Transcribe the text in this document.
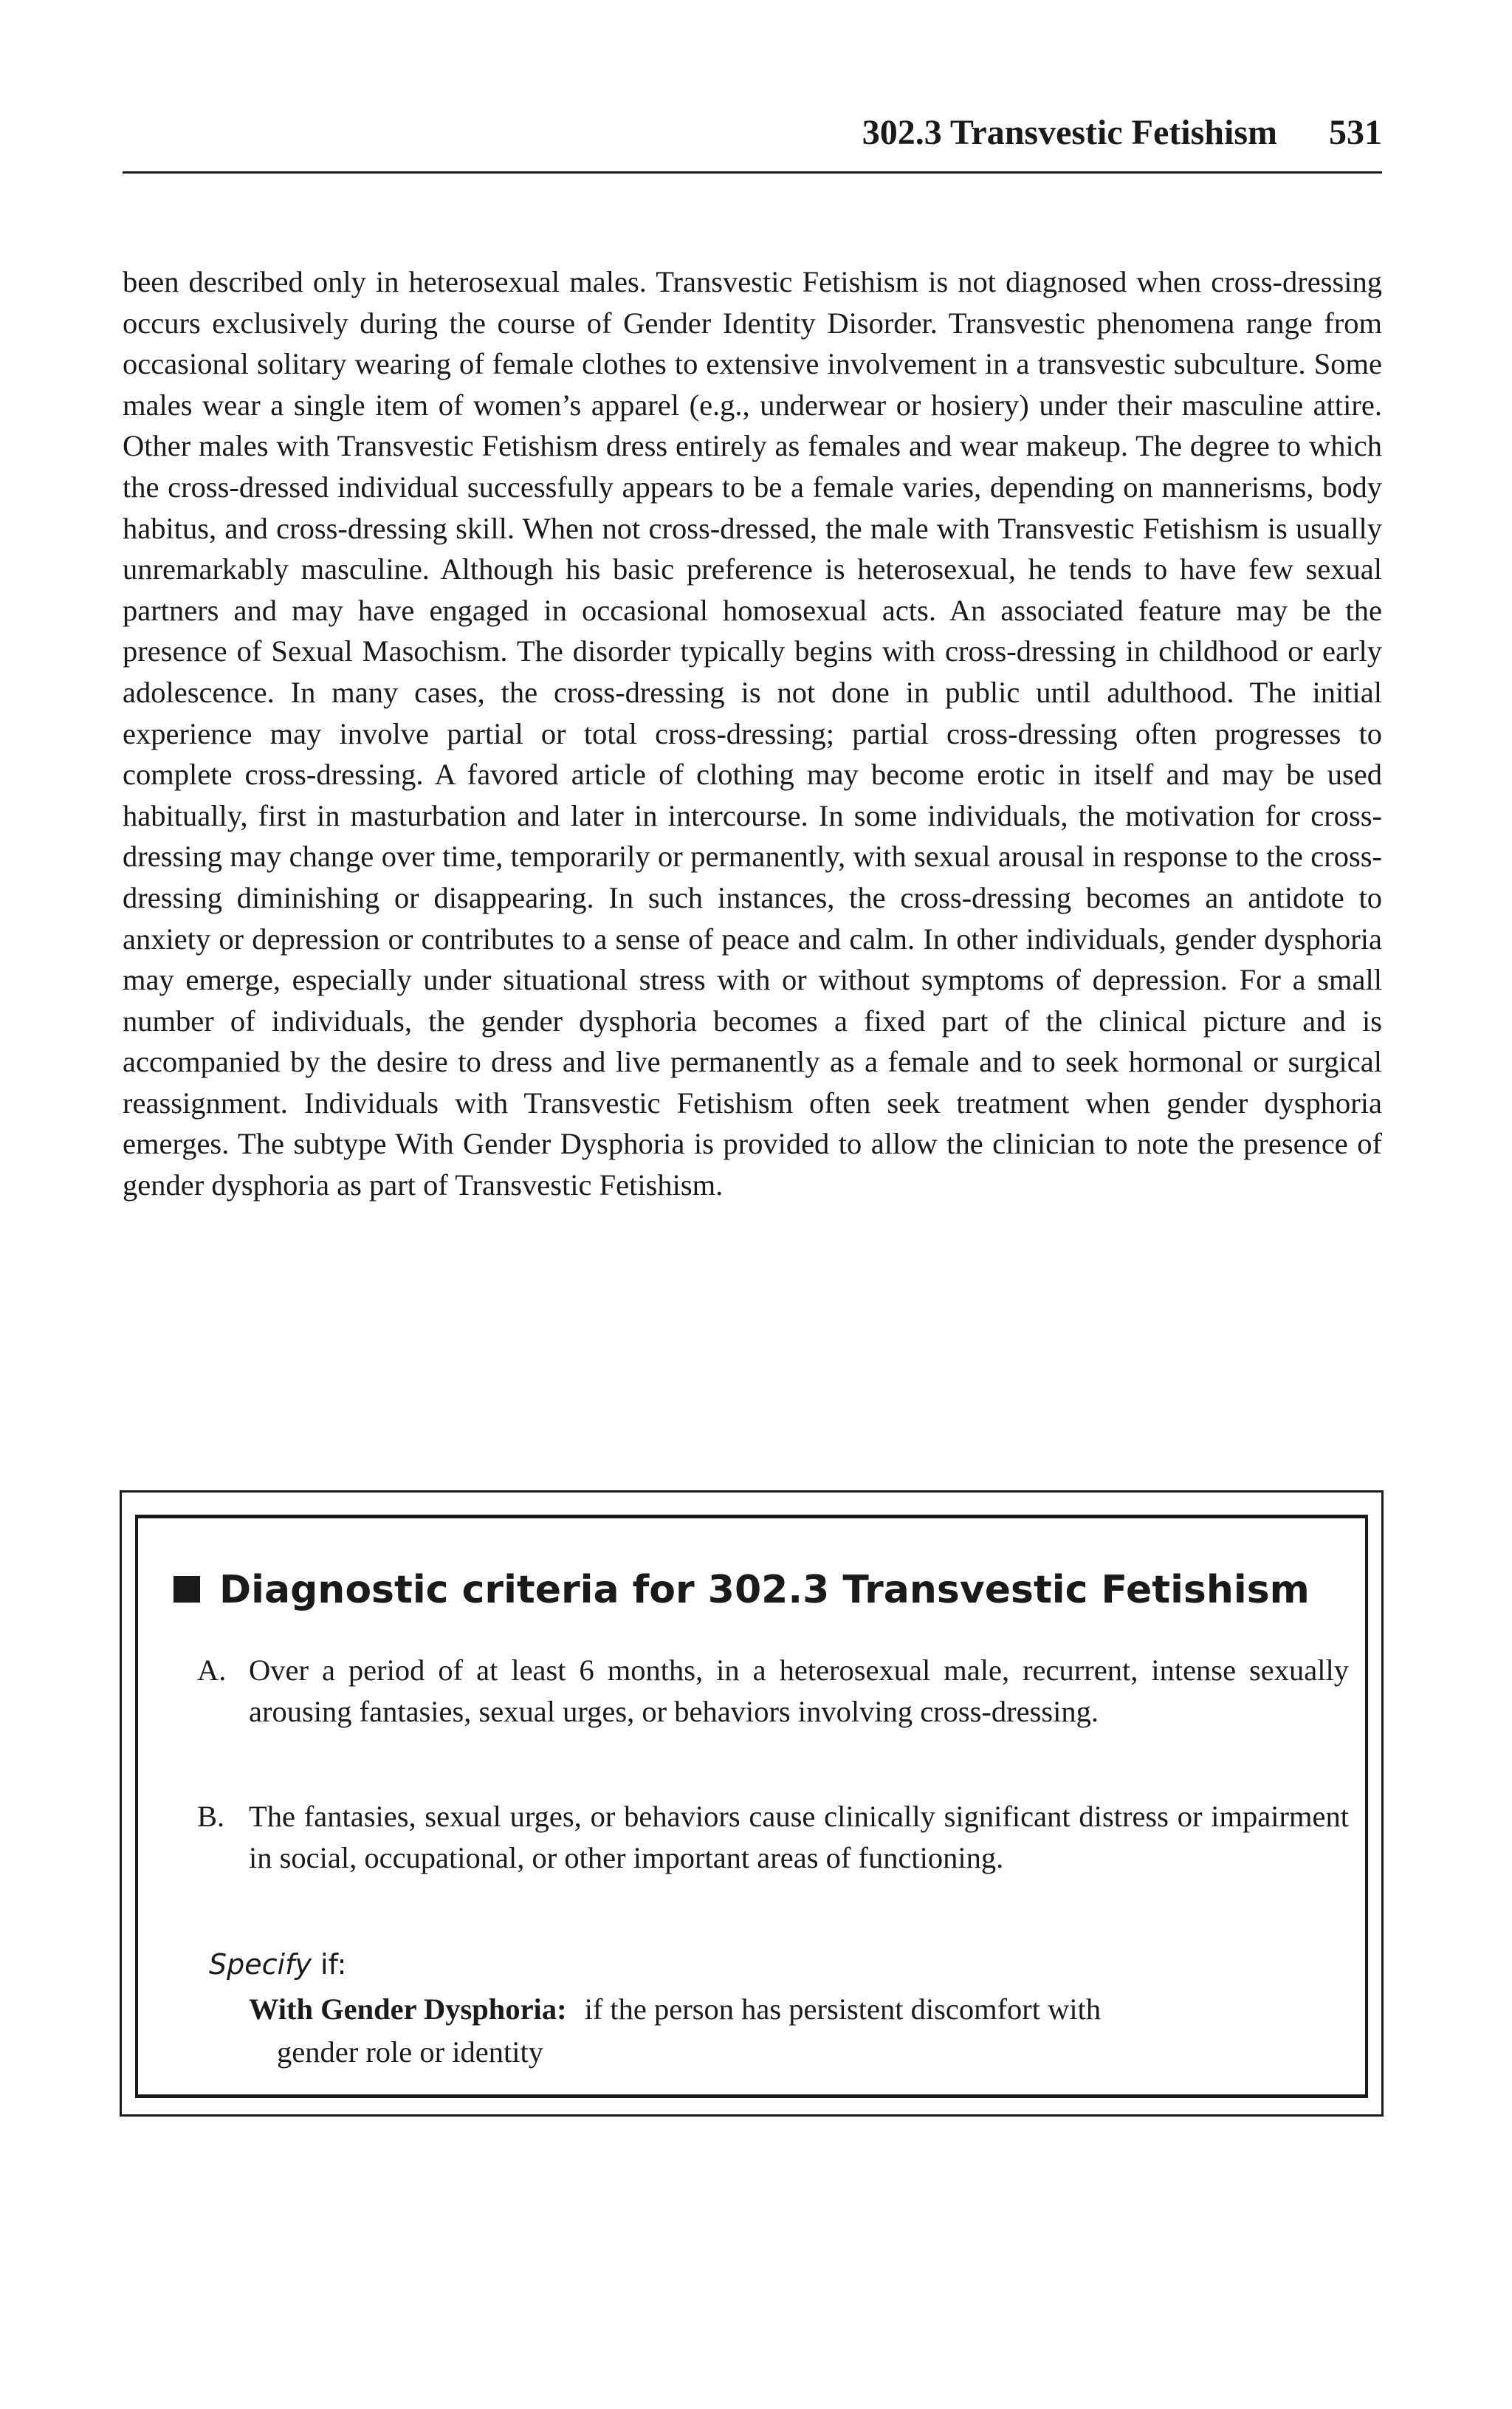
302.3 Transvestic Fetishism 531

been described only in heterosexual males. Transvestic Fetishism is not diagnosed when cross-dressing occurs exclusively during the course of Gender Identity Disorder. Transvestic phenomena range from occasional solitary wearing of female clothes to extensive involvement in a transvestic subculture. Some males wear a single item of women’s apparel (e.g., underwear or hosiery) under their masculine attire. Other males with Transvestic Fetishism dress entirely as females and wear makeup. The degree to which the cross-dressed individual successfully appears to be a female varies, depending on mannerisms, body habitus, and cross-dressing skill. When not cross-dressed, the male with Transvestic Fetishism is usually unremarkably masculine. Although his basic preference is heterosexual, he tends to have few sexual partners and may have engaged in occasional homosexual acts. An associated feature may be the presence of Sexual Masochism. The disorder typically begins with cross-dressing in childhood or early adolescence. In many cases, the cross-dressing is not done in public until adulthood. The initial experience may involve partial or total cross-dressing; partial cross-dressing often progresses to complete cross-dressing. A favored article of clothing may become erotic in itself and may be used habitually, first in masturbation and later in intercourse. In some individuals, the motivation for cross-dressing may change over time, temporarily or permanently, with sexual arousal in response to the cross-dressing diminishing or disappearing. In such instances, the cross-dressing becomes an antidote to anxiety or depression or contributes to a sense of peace and calm. In other individuals, gender dysphoria may emerge, especially under situational stress with or without symptoms of depression. For a small number of individuals, the gender dysphoria becomes a fixed part of the clinical picture and is accompanied by the desire to dress and live permanently as a female and to seek hormonal or surgical reassignment. Individuals with Transvestic Fetishism often seek treatment when gender dysphoria emerges. The subtype With Gender Dysphoria is provided to allow the clinician to note the presence of gender dysphoria as part of Transvestic Fetishism.

Diagnostic criteria for 302.3 Transvestic Fetishism
A. Over a period of at least 6 months, in a heterosexual male, recurrent, intense sexually arousing fantasies, sexual urges, or behaviors involving cross-dressing.
B. The fantasies, sexual urges, or behaviors cause clinically significant distress or impairment in social, occupational, or other important areas of functioning.
Specify if:
With Gender Dysphoria: if the person has persistent discomfort with
gender role or identity
